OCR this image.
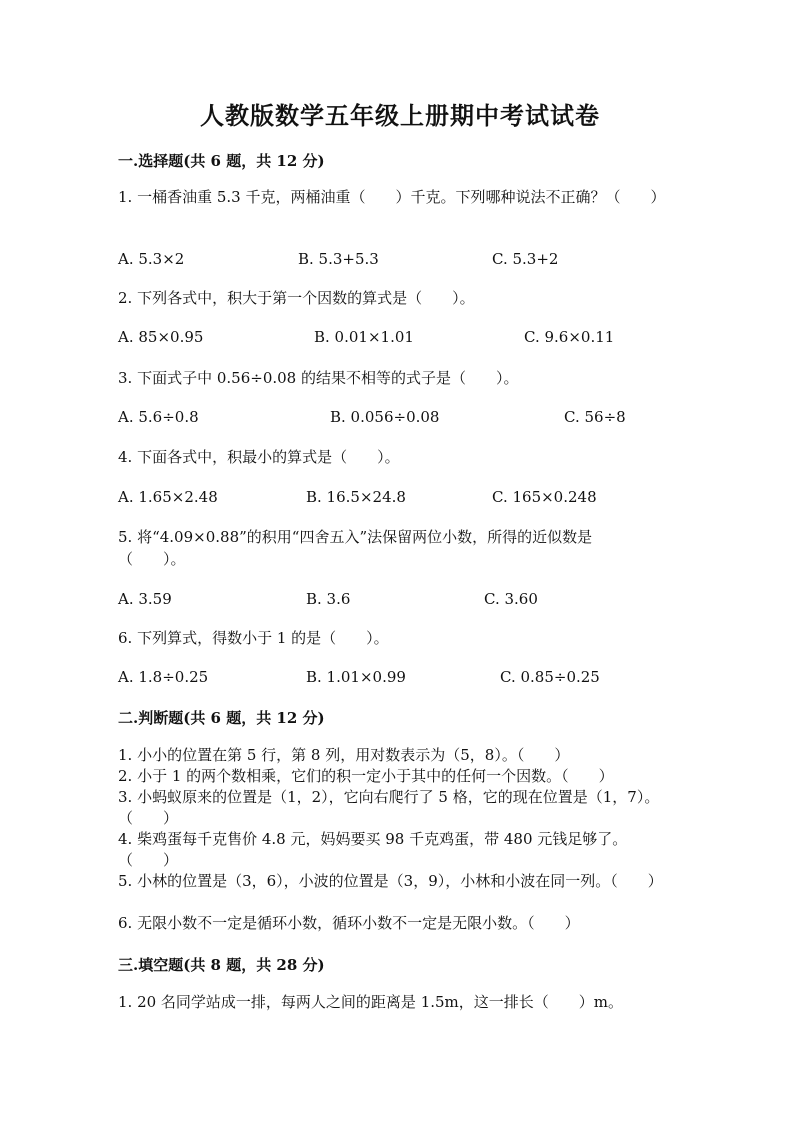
人教版数学五年级上册期中考试试卷
一.选择题(共 6 题，共 12 分)
1. 一桶香油重 5.3 千克，两桶油重（　　）千克。下列哪种说法不正确？（　　）
A. 5.3×2	B. 5.3+5.3	C. 5.3+2
2. 下列各式中，积大于第一个因数的算式是（　　）。
A. 85×0.95	B. 0.01×1.01	C. 9.6×0.11
3. 下面式子中 0.56÷0.08 的结果不相等的式子是（　　）。
A. 5.6÷0.8	B. 0.056÷0.08	C. 56÷8
4. 下面各式中，积最小的算式是（　　）。
A. 1.65×2.48	B. 16.5×24.8	C. 165×0.248
5. 将“4.09×0.88”的积用“四舍五入”法保留两位小数，所得的近似数是（　　）。
A. 3.59	B. 3.6	C. 3.60
6. 下列算式，得数小于 1 的是（　　）。
A. 1.8÷0.25	B. 1.01×0.99	C. 0.85÷0.25
二.判断题(共 6 题，共 12 分)
1. 小小的位置在第 5 行，第 8 列，用对数表示为（5，8）。（　　）
2. 小于 1 的两个数相乘，它们的积一定小于其中的任何一个因数。（　　）
3. 小蚂蚁原来的位置是（1，2），它向右爬行了 5 格，它的现在位置是（1，7）。（　　）
4. 柴鸡蛋每千克售价 4.8 元，妈妈要买 98 千克鸡蛋，带 480 元钱足够了。（　　）
5. 小林的位置是（3，6），小波的位置是（3，9），小林和小波在同一列。（　　）
6. 无限小数不一定是循环小数，循环小数不一定是无限小数。（　　）
三.填空题(共 8 题，共 28 分)
1. 20 名同学站成一排，每两人之间的距离是 1.5m，这一排长（　　）m。
